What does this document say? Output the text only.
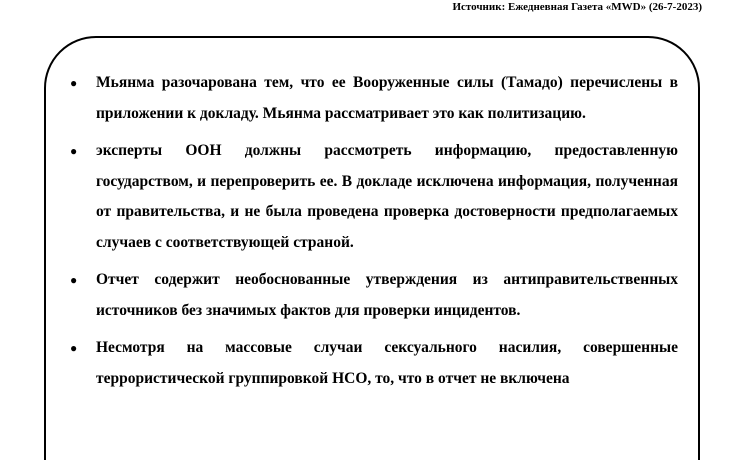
Источник: Ежедневная Газета «MWD» (26-7-2023)
● Мьянма разочарована тем, что ее Вооруженные силы (Тамадо) перечислены в приложении к докладу. Мьянма рассматривает это как политизацию.
● эксперты ООН должны рассмотреть информацию, предоставленную государством, и перепроверить ее. В докладе исключена информация, полученная от правительства, и не была проведена проверка достоверности предполагаемых случаев с соответствующей страной.
● Отчет содержит необоснованные утверждения из антиправительственных источников без значимых фактов для проверки инцидентов.
● Несмотря на массовые случаи сексуального насилия, совершенные террористической группировкой НСО, то, что в отчет не включена
